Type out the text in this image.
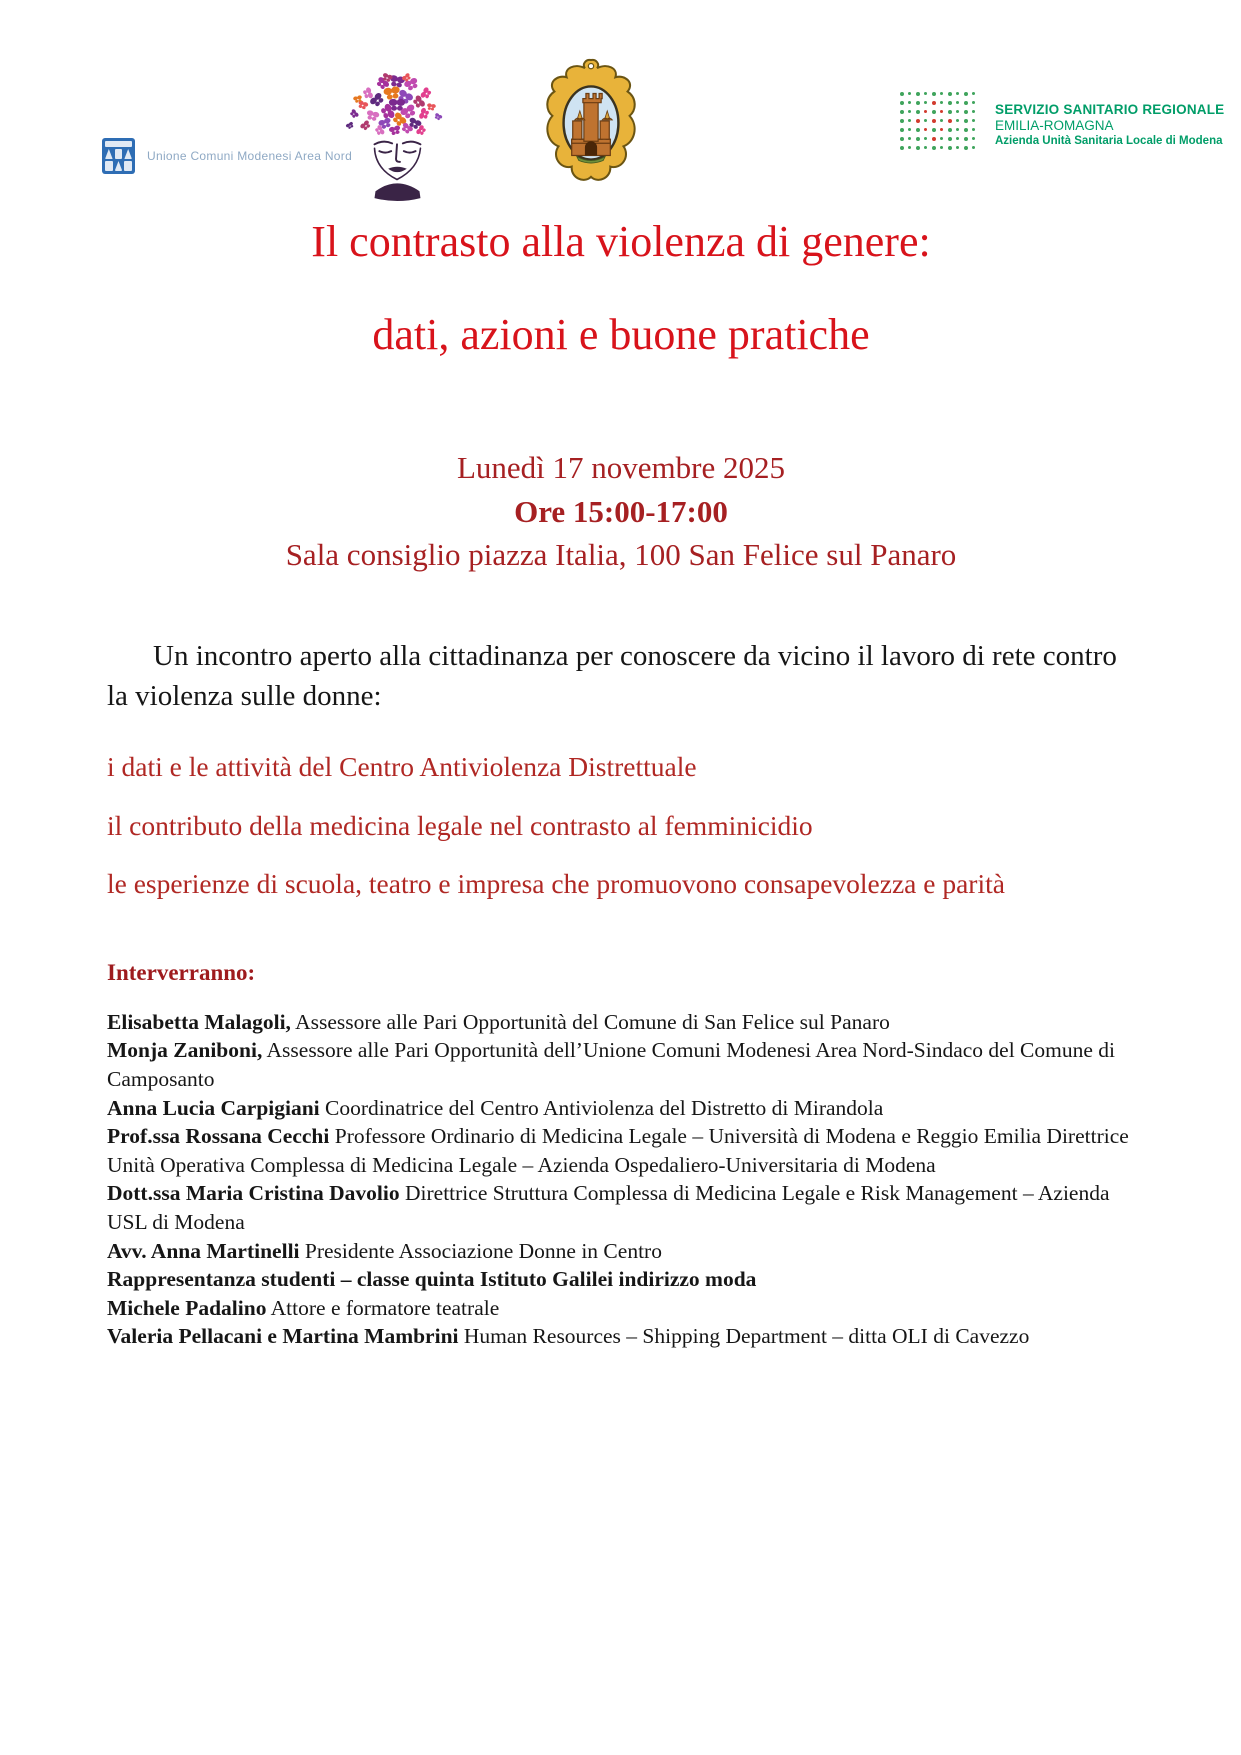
Unione Comuni Modenesi Area Nord
SERVIZIO SANITARIO REGIONALE
EMILIA-ROMAGNA
Azienda Unità Sanitaria Locale di Modena
Il contrasto alla violenza di genere:
dati, azioni e buone pratiche
Lunedì 17 novembre 2025
Ore 15:00-17:00
Sala consiglio piazza Italia, 100 San Felice sul Panaro

Un incontro aperto alla cittadinanza per conoscere da vicino il lavoro di rete contro la violenza sulle donne:

i dati e le attività del Centro Antiviolenza Distrettuale

il contributo della medicina legale nel contrasto al femminicidio

le esperienze di scuola, teatro e impresa che promuovono consapevolezza e parità

Interverranno:
Elisabetta Malagoli, Assessore alle Pari Opportunità del Comune di San Felice sul Panaro
Monja Zaniboni, Assessore alle Pari Opportunità dell’Unione Comuni Modenesi Area Nord-Sindaco del Comune di Camposanto
Anna Lucia Carpigiani Coordinatrice del Centro Antiviolenza del Distretto di Mirandola
Prof.ssa Rossana Cecchi Professore Ordinario di Medicina Legale – Università di Modena e Reggio Emilia Direttrice Unità Operativa Complessa di Medicina Legale – Azienda Ospedaliero-Universitaria di Modena
Dott.ssa Maria Cristina Davolio Direttrice Struttura Complessa di Medicina Legale e Risk Management – Azienda USL di Modena
Avv. Anna Martinelli Presidente Associazione Donne in Centro
Rappresentanza studenti – classe quinta Istituto Galilei indirizzo moda
Michele Padalino Attore e formatore teatrale
Valeria Pellacani e Martina Mambrini Human Resources – Shipping Department – ditta OLI di Cavezzo
